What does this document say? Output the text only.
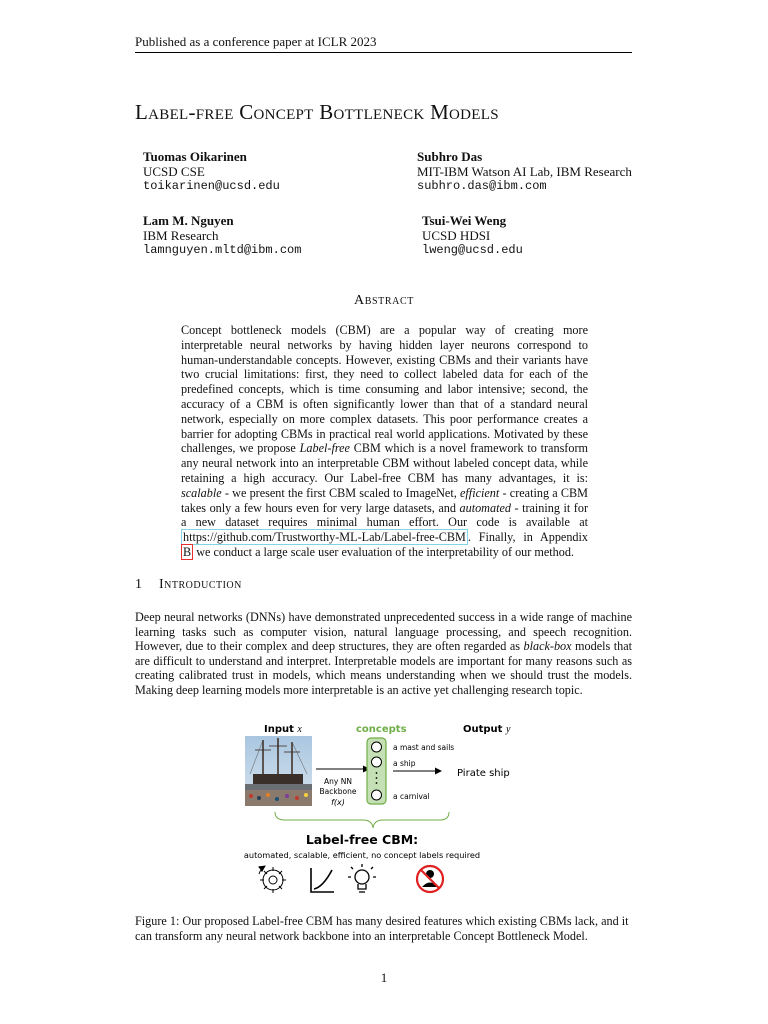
Published as a conference paper at ICLR 2023
Label-free Concept Bottleneck Models
Tuomas Oikarinen
UCSD CSE
toikarinen@ucsd.edu
Subhro Das
MIT-IBM Watson AI Lab, IBM Research
subhro.das@ibm.com
Lam M. Nguyen
IBM Research
lamnguyen.mltd@ibm.com
Tsui-Wei Weng
UCSD HDSI
lweng@ucsd.edu
Abstract
Concept bottleneck models (CBM) are a popular way of creating more interpretable neural networks by having hidden layer neurons correspond to human-understandable concepts. However, existing CBMs and their variants have two crucial limitations: first, they need to collect labeled data for each of the predefined concepts, which is time consuming and labor intensive; second, the accuracy of a CBM is often significantly lower than that of a standard neural network, especially on more complex datasets. This poor performance creates a barrier for adopting CBMs in practical real world applications. Motivated by these challenges, we propose Label-free CBM which is a novel framework to transform any neural network into an interpretable CBM without labeled concept data, while retaining a high accuracy. Our Label-free CBM has many advantages, it is: scalable - we present the first CBM scaled to ImageNet, efficient - creating a CBM takes only a few hours even for very large datasets, and automated - training it for a new dataset requires minimal human effort. Our code is available at https://github.com/Trustworthy-ML-Lab/Label-free-CBM . Finally, in Appendix B we conduct a large scale user evaluation of the interpretability of our method.
1 Introduction
Deep neural networks (DNNs) have demonstrated unprecedented success in a wide range of machine learning tasks such as computer vision, natural language processing, and speech recognition. However, due to their complex and deep structures, they are often regarded as black-box models that are difficult to understand and interpret. Interpretable models are important for many reasons such as creating calibrated trust in models, which means understanding when we should trust the models. Making deep learning models more interpretable is an active yet challenging research topic.
Input x	concepts	Output y
Any NN
Backbone
f(x)
a mast and sails
a ship
a carnival
Pirate ship
Label-free CBM:
automated, scalable, efficient, no concept labels required
Figure 1: Our proposed Label-free CBM has many desired features which existing CBMs lack, and it can transform any neural network backbone into an interpretable Concept Bottleneck Model.
1
